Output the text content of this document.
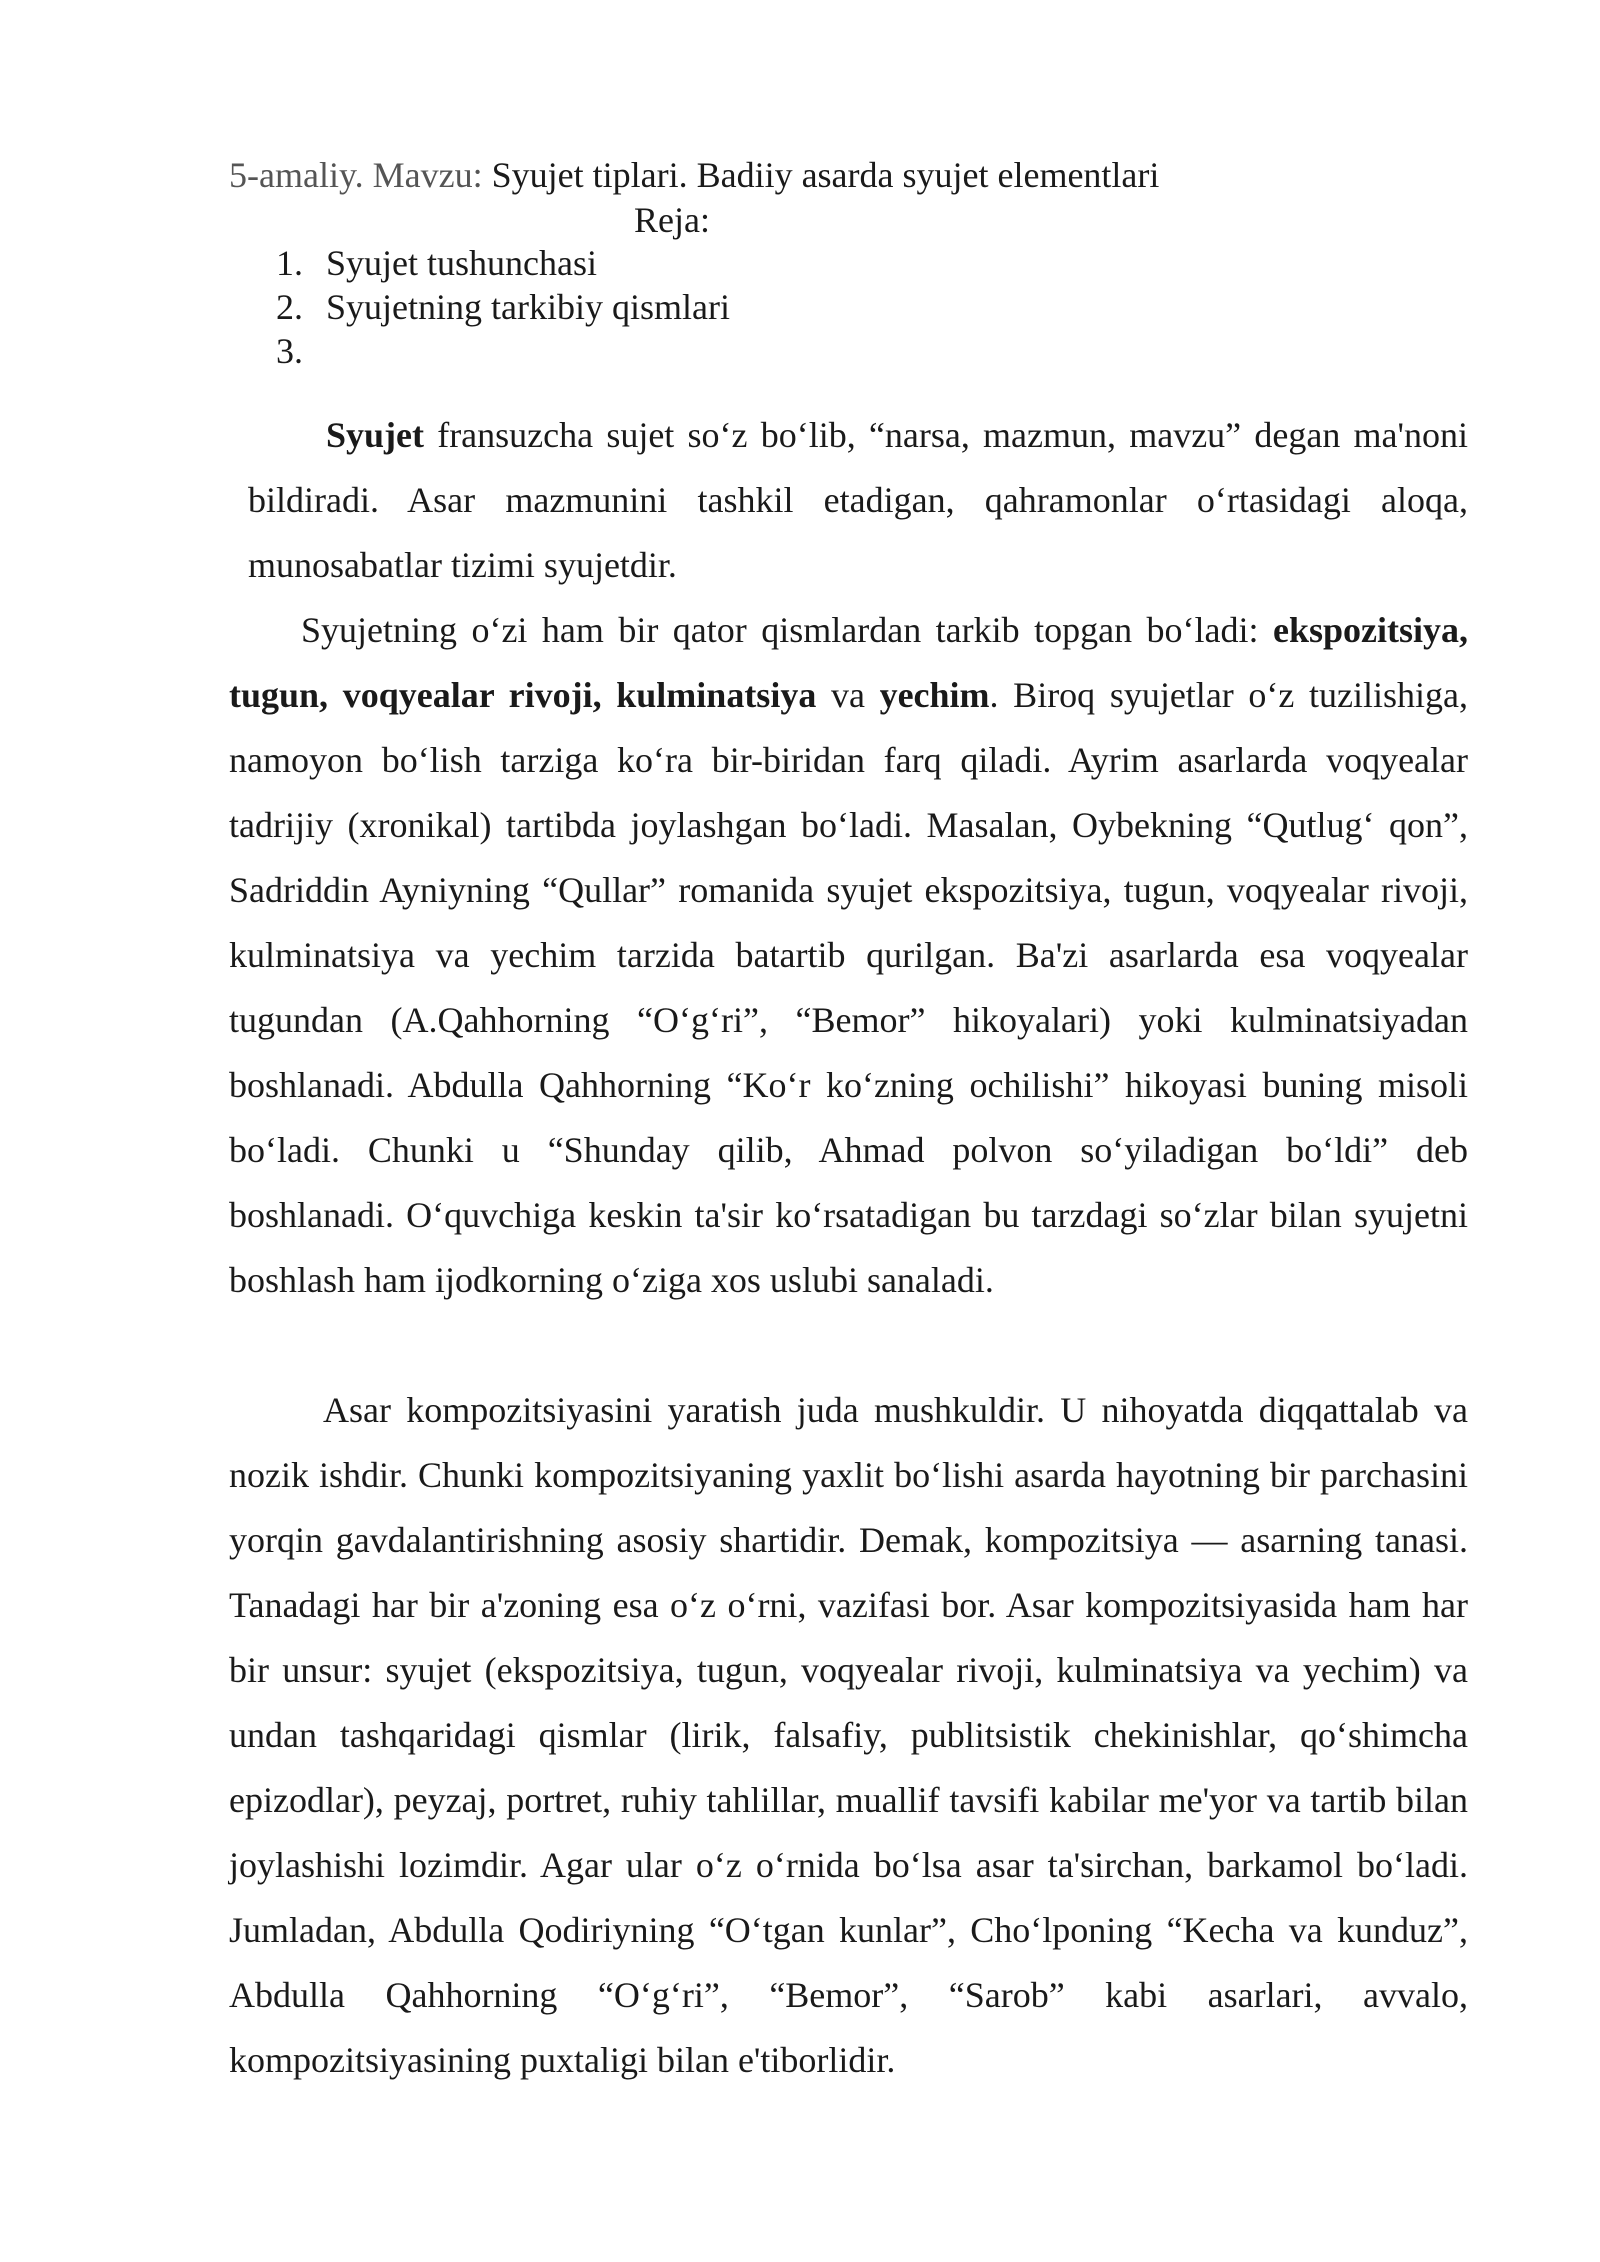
5-amaliy. Mavzu: Syujet tiplari. Badiiy asarda syujet elementlari
Reja:
1. Syujet tushunchasi
2. Syujetning tarkibiy qismlari
3.

Syujet fransuzcha sujet so‘z bo‘lib, “narsa, mazmun, mavzu” degan ma'noni bildiradi. Asar mazmunini tashkil etadigan, qahramonlar o‘rtasidagi aloqa, munosabatlar tizimi syujetdir.

Syujetning o‘zi ham bir qator qismlardan tarkib topgan bo‘ladi: ekspozitsiya, tugun, voqyealar rivoji, kulminatsiya va yechim. Biroq syujetlar o‘z tuzilishiga, namoyon bo‘lish tarziga ko‘ra bir-biridan farq qiladi. Ayrim asarlarda voqyealar tadrijiy (xronikal) tartibda joylashgan bo‘ladi. Masalan, Oybekning “Qutlug‘ qon”, Sadriddin Ayniyning “Qullar” romanida syujet ekspozitsiya, tugun, voqyealar rivoji, kulminatsiya va yechim tarzida batartib qurilgan. Ba'zi asarlarda esa voqyealar tugundan (A.Qahhorning “O‘g‘ri”, “Bemor” hikoyalari) yoki kulminatsiyadan boshlanadi. Abdulla Qahhorning “Ko‘r ko‘zning ochilishi” hikoyasi buning misoli bo‘ladi. Chunki u “Shunday qilib, Ahmad polvon so‘yiladigan bo‘ldi” deb boshlanadi. O‘quvchiga keskin ta'sir ko‘rsatadigan bu tarzdagi so‘zlar bilan syujetni boshlash ham ijodkorning o‘ziga xos uslubi sanaladi.

Asar kompozitsiyasini yaratish juda mushkuldir. U nihoyatda diqqattalab va nozik ishdir. Chunki kompozitsiyaning yaxlit bo‘lishi asarda hayotning bir parchasini yorqin gavdalantirishning asosiy shartidir. Demak, kompozitsiya — asarning tanasi. Tanadagi har bir a'zoning esa o‘z o‘rni, vazifasi bor. Asar kompozitsiyasida ham har bir unsur: syujet (ekspozitsiya, tugun, voqyealar rivoji, kulminatsiya va yechim) va undan tashqaridagi qismlar (lirik, falsafiy, publitsistik chekinishlar, qo‘shimcha epizodlar), peyzaj, portret, ruhiy tahlillar, muallif tavsifi kabilar me'yor va tartib bilan joylashishi lozimdir. Agar ular o‘z o‘rnida bo‘lsa asar ta'sirchan, barkamol bo‘ladi. Jumladan, Abdulla Qodiriyning “O‘tgan kunlar”, Cho‘lponing “Kecha va kunduz”, Abdulla Qahhorning “O‘g‘ri”, “Bemor”, “Sarob” kabi asarlari, avvalo, kompozitsiyasining puxtaligi bilan e'tiborlidir.
